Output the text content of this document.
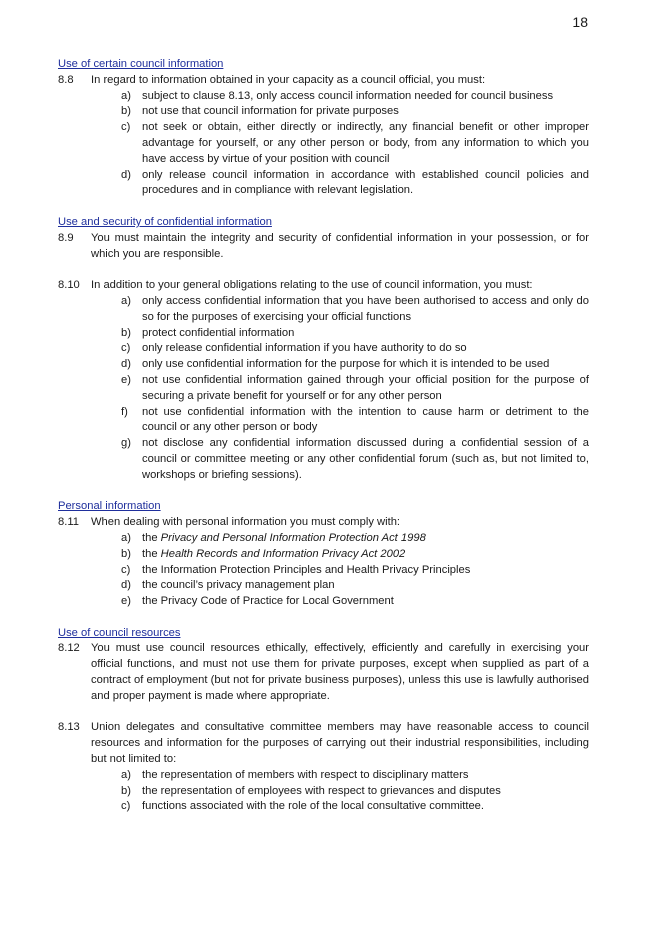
18

Use of certain council information

8.8	In regard to information obtained in your capacity as a council official, you must:
a) subject to clause 8.13, only access council information needed for council business
b) not use that council information for private purposes
c)	not seek or obtain, either directly or indirectly, any financial benefit or other improper advantage for yourself, or any other person or body, from any information to which you have access by virtue of your position with council
d) only release council information in accordance with established council policies and procedures and in compliance with relevant legislation.

Use and security of confidential information

8.9	You must maintain the integrity and security of confidential information in your possession, or for which you are responsible.
8.10	In addition to your general obligations relating to the use of council information, you must:
a) only access confidential information that you have been authorised to access and only do so for the purposes of exercising your official functions
b) protect confidential information
c)	only release confidential information if you have authority to do so
d) only use confidential information for the purpose for which it is intended to be used
e) not use confidential information gained through your official position for the purpose of securing a private benefit for yourself or for any other person
f)	not use confidential information with the intention to cause harm or detriment to the council or any other person or body
g) not disclose any confidential information discussed during a confidential session of a council or committee meeting or any other confidential forum (such as, but not limited to, workshops or briefing sessions).

Personal information

8.11	When dealing with personal information you must comply with:
a) the Privacy and Personal Information Protection Act 1998
b) the Health Records and Information Privacy Act 2002
c)	the Information Protection Principles and Health Privacy Principles
d) the council’s privacy management plan
e) the Privacy Code of Practice for Local Government

Use of council resources

8.12	You must use council resources ethically, effectively, efficiently and carefully in exercising your official functions, and must not use them for private purposes, except when supplied as part of a contract of employment (but not for private business purposes), unless this use is lawfully authorised and proper payment is made where appropriate.
8.13	Union delegates and consultative committee members may have reasonable access to council resources and information for the purposes of carrying out their industrial responsibilities, including but not limited to:
a) the representation of members with respect to disciplinary matters
b) the representation of employees with respect to grievances and disputes
c)	functions associated with the role of the local consultative committee.
